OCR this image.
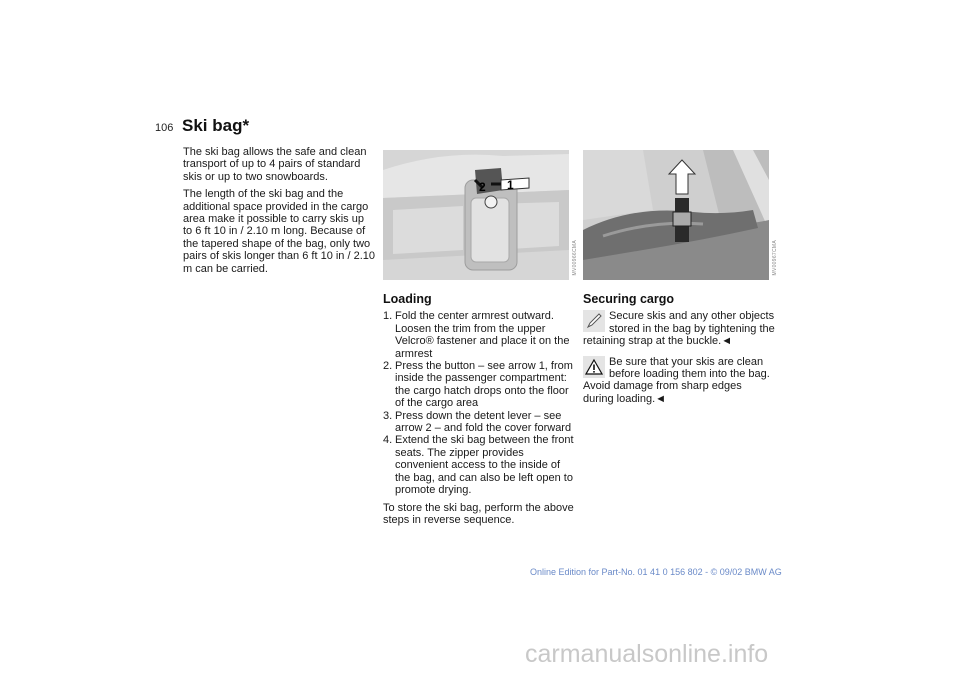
106 Ski bag*

The ski bag allows the safe and clean transport of up to 4 pairs of standard skis or up to two snowboards.

The length of the ski bag and the additional space provided in the cargo area make it possible to carry skis up to 6 ft 10 in / 2.10 m long. Because of the tapered shape of the bag, only two pairs of skis longer than 6 ft 10 in / 2.10 m can be carried.

1
2
MV00966CMA	MV00967CMA
Loading
1. Fold the center armrest outward. Loosen the trim from the upper Velcro® fastener and place it on the armrest
2. Press the button – see arrow 1, from inside the passenger compartment: the cargo hatch drops onto the floor of the cargo area
3. Press down the detent lever – see arrow 2 – and fold the cover forward
4. Extend the ski bag between the front seats. The zipper provides convenient access to the inside of the bag, and can also be left open to promote drying.

To store the ski bag, perform the above steps in reverse sequence.

Securing cargo
Secure skis and any other objects stored in the bag by tightening the retaining strap at the buckle.◄
Be sure that your skis are clean before loading them into the bag. Avoid damage from sharp edges during loading.◄
Online Edition for Part-No. 01 41 0 156 802 - © 09/02 BMW AG
carmanualsonline.info
